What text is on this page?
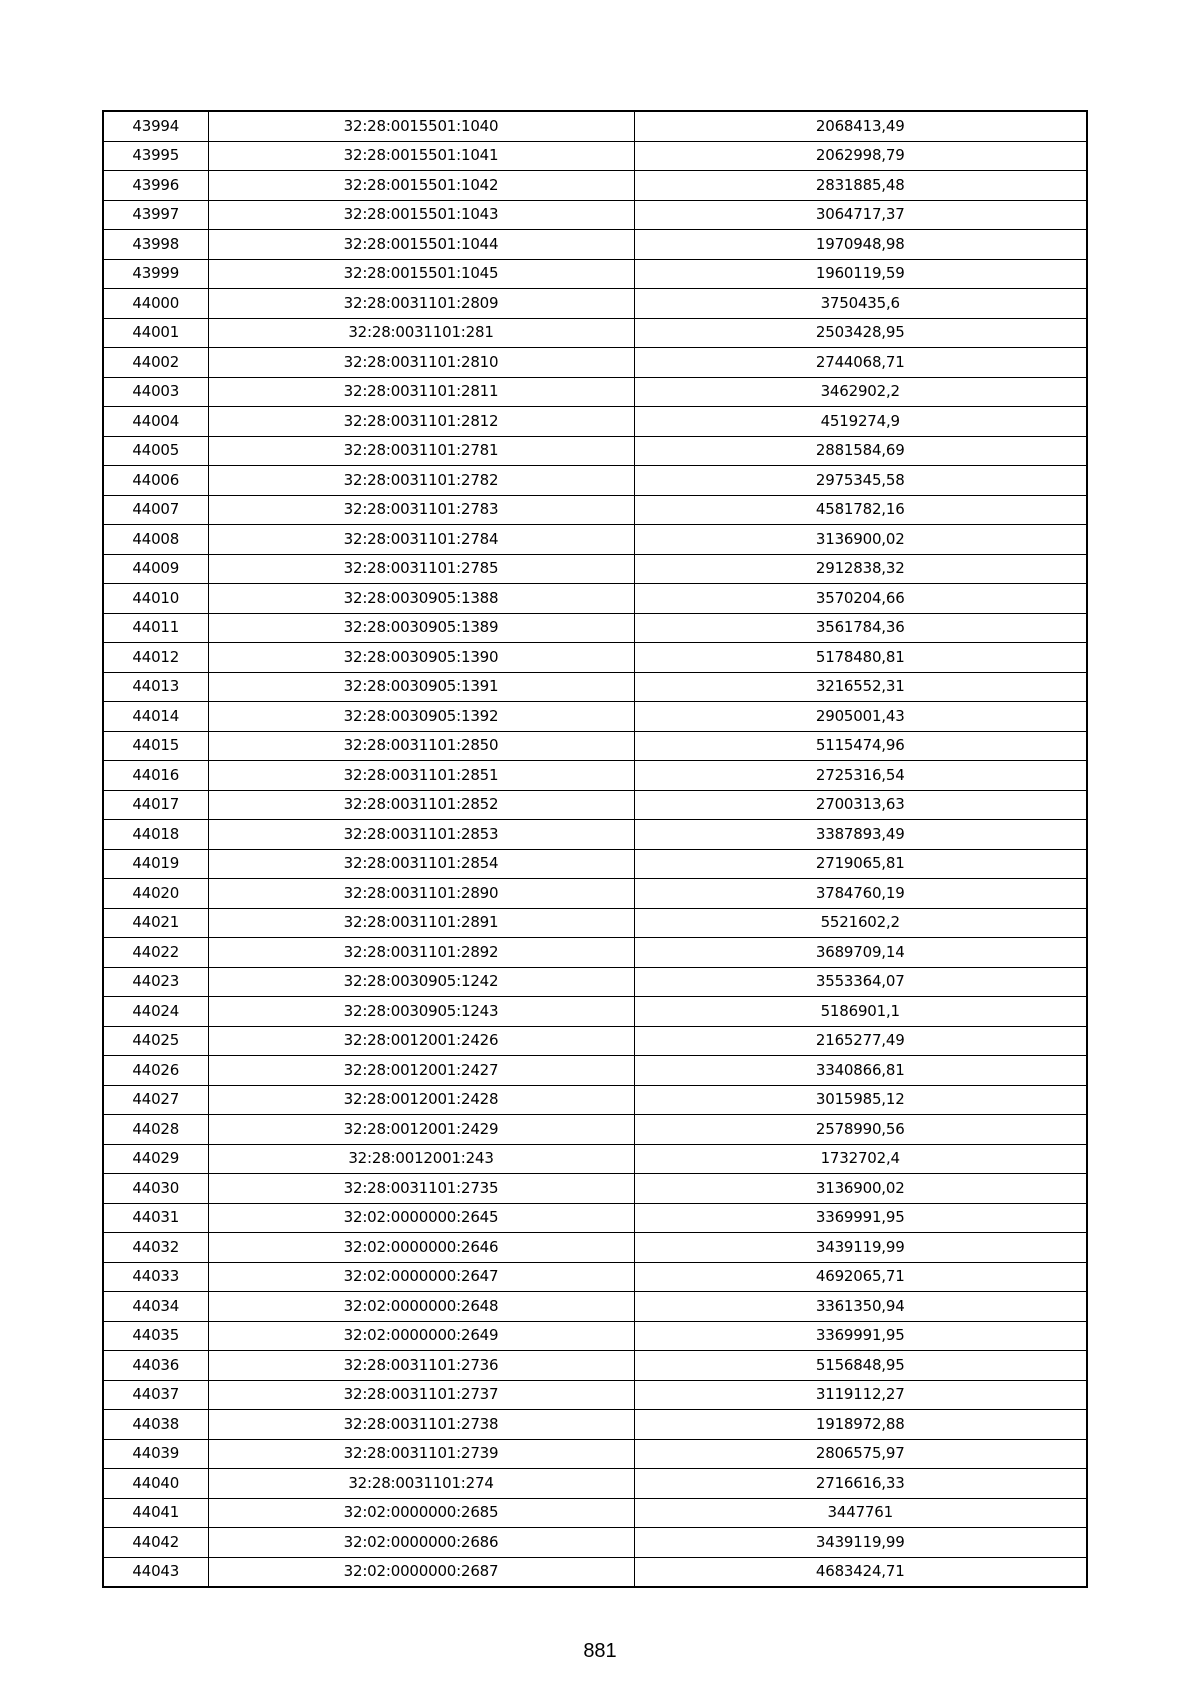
43994	32:28:0015501:1040	2068413,49
43995	32:28:0015501:1041	2062998,79
43996	32:28:0015501:1042	2831885,48
43997	32:28:0015501:1043	3064717,37
43998	32:28:0015501:1044	1970948,98
43999	32:28:0015501:1045	1960119,59
44000	32:28:0031101:2809	3750435,6
44001	32:28:0031101:281	2503428,95
44002	32:28:0031101:2810	2744068,71
44003	32:28:0031101:2811	3462902,2
44004	32:28:0031101:2812	4519274,9
44005	32:28:0031101:2781	2881584,69
44006	32:28:0031101:2782	2975345,58
44007	32:28:0031101:2783	4581782,16
44008	32:28:0031101:2784	3136900,02
44009	32:28:0031101:2785	2912838,32
44010	32:28:0030905:1388	3570204,66
44011	32:28:0030905:1389	3561784,36
44012	32:28:0030905:1390	5178480,81
44013	32:28:0030905:1391	3216552,31
44014	32:28:0030905:1392	2905001,43
44015	32:28:0031101:2850	5115474,96
44016	32:28:0031101:2851	2725316,54
44017	32:28:0031101:2852	2700313,63
44018	32:28:0031101:2853	3387893,49
44019	32:28:0031101:2854	2719065,81
44020	32:28:0031101:2890	3784760,19
44021	32:28:0031101:2891	5521602,2
44022	32:28:0031101:2892	3689709,14
44023	32:28:0030905:1242	3553364,07
44024	32:28:0030905:1243	5186901,1
44025	32:28:0012001:2426	2165277,49
44026	32:28:0012001:2427	3340866,81
44027	32:28:0012001:2428	3015985,12
44028	32:28:0012001:2429	2578990,56
44029	32:28:0012001:243	1732702,4
44030	32:28:0031101:2735	3136900,02
44031	32:02:0000000:2645	3369991,95
44032	32:02:0000000:2646	3439119,99
44033	32:02:0000000:2647	4692065,71
44034	32:02:0000000:2648	3361350,94
44035	32:02:0000000:2649	3369991,95
44036	32:28:0031101:2736	5156848,95
44037	32:28:0031101:2737	3119112,27
44038	32:28:0031101:2738	1918972,88
44039	32:28:0031101:2739	2806575,97
44040	32:28:0031101:274	2716616,33
44041	32:02:0000000:2685	3447761
44042	32:02:0000000:2686	3439119,99
44043	32:02:0000000:2687	4683424,71
881
